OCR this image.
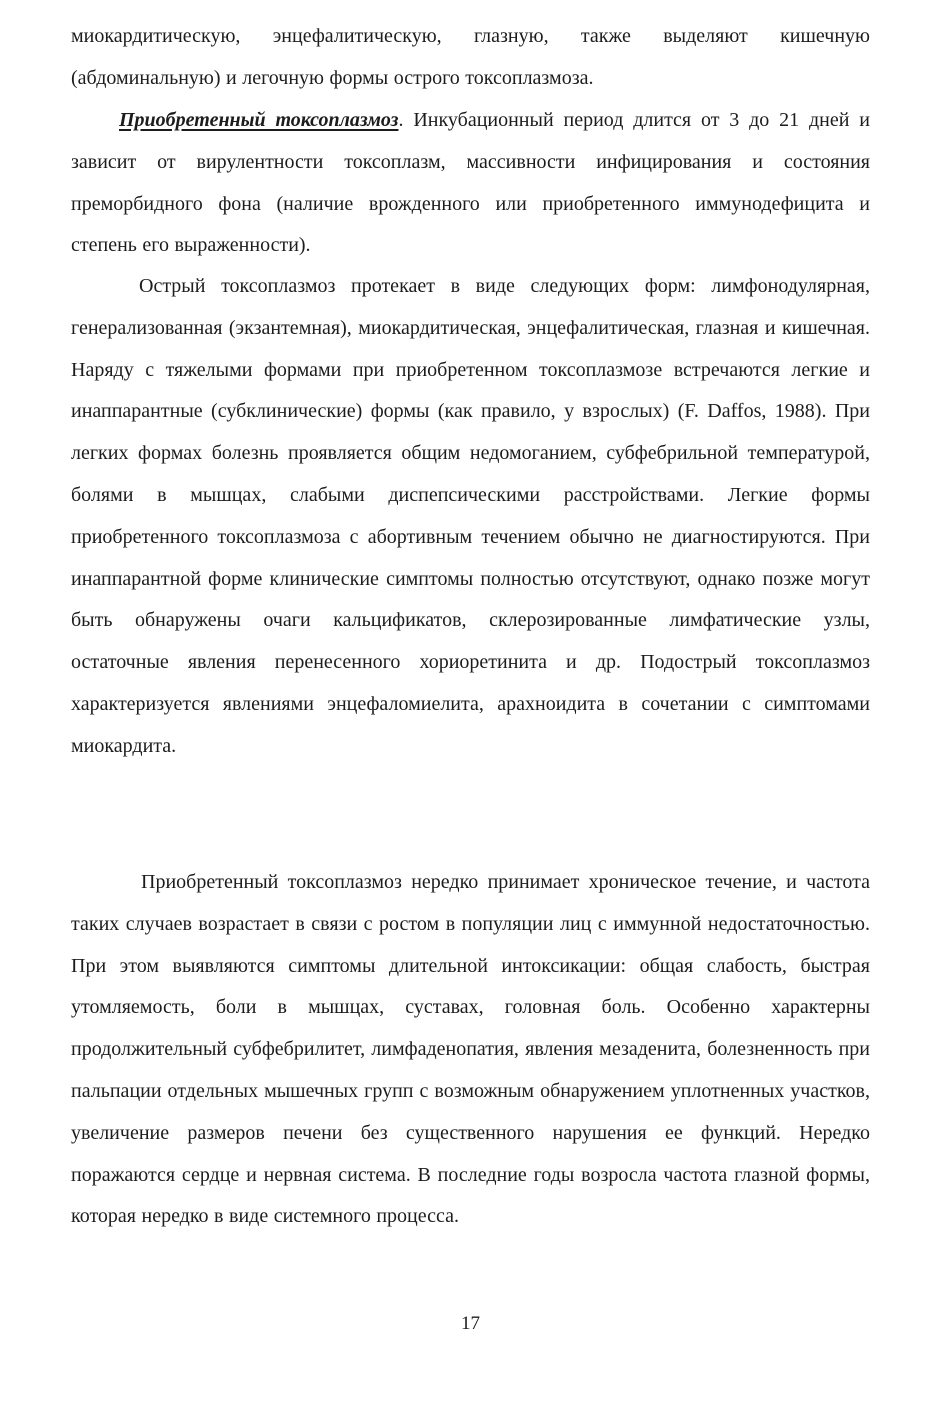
миокардитическую, энцефалитическую, глазную, также выделяют кишечную (абдоминальную) и легочную формы острого токсоплазмоза.

Приобретенный токсоплазмоз. Инкубационный период длится от 3 до 21 дней и зависит от вирулентности токсоплазм, массивности инфицирования и состояния преморбидного фона (наличие врожденного или приобретенного иммунодефицита и степень его выраженности).

Острый токсоплазмоз протекает в виде следующих форм: лимфонодулярная, генерализованная (экзантемная), миокардитическая, энцефалитическая, глазная и кишечная. Наряду с тяжелыми формами при приобретенном токсоплазмозе встречаются легкие и инаппарантные (субклинические) формы (как правило, у взрослых) (F. Daffos, 1988). При легких формах болезнь проявляется общим недомоганием, субфебрильной температурой, болями в мышцах, слабыми диспепсическими расстройствами. Легкие формы приобретенного токсоплазмоза с абортивным течением обычно не диагностируются. При инаппарантной форме клинические симптомы полностью отсутствуют, однако позже могут быть обнаружены очаги кальцификатов, склерозированные лимфатические узлы, остаточные явления перенесенного хориоретинита и др. Подострый токсоплазмоз характеризуется явлениями энцефаломиелита, арахноидита в сочетании с симптомами миокардита.

Приобретенный токсоплазмоз нередко принимает хроническое течение, и частота таких случаев возрастает в связи с ростом в популяции лиц с иммунной недостаточностью. При этом выявляются симптомы длительной интоксикации: общая слабость, быстрая утомляемость, боли в мышцах, суставах, головная боль. Особенно характерны продолжительный субфебрилитет, лимфаденопатия, явления мезаденита, болезненность при пальпации отдельных мышечных групп с возможным обнаружением уплотненных участков, увеличение размеров печени без существенного нарушения ее функций. Нередко поражаются сердце и нервная система. В последние годы возросла частота глазной формы, которая нередко в виде системного процесса.

17
